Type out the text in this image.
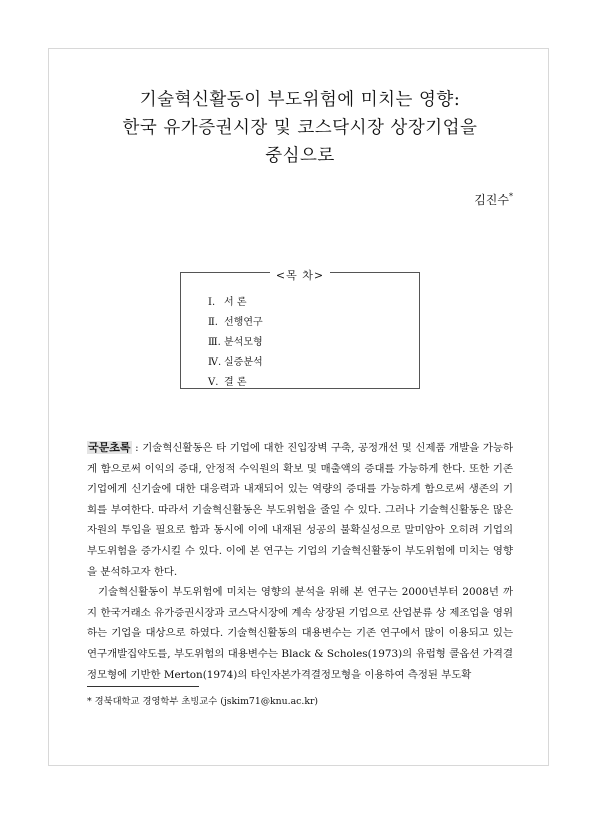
기술혁신활동이 부도위험에 미치는 영향:
한국 유가증권시장 및 코스닥시장 상장기업을
중심으로
김진수*
<목 차>
Ⅰ. 서 론
Ⅱ. 선행연구
Ⅲ. 분석모형
Ⅳ. 실증분석
Ⅴ. 결 론

국문초록 : 기술혁신활동은 타 기업에 대한 진입장벽 구축, 공정개선 및 신제품 개발을 가능하게 함으로써 이익의 증대, 안정적 수익원의 확보 및 매출액의 증대를 가능하게 한다. 또한 기존 기업에게 신기술에 대한 대응력과 내재되어 있는 역량의 증대를 가능하게 함으로써 생존의 기회를 부여한다. 따라서 기술혁신활동은 부도위험을 줄일 수 있다. 그러나 기술혁신활동은 많은 자원의 투입을 필요로 함과 동시에 이에 내재된 성공의 불확실성으로 말미암아 오히려 기업의 부도위험을 증가시킬 수 있다. 이에 본 연구는 기업의 기술혁신활동이 부도위험에 미치는 영향을 분석하고자 한다.

기술혁신활동이 부도위험에 미치는 영향의 분석을 위해 본 연구는 2000년부터 2008년 까지 한국거래소 유가증권시장과 코스닥시장에 계속 상장된 기업으로 산업분류 상 제조업을 영위하는 기업을 대상으로 하였다. 기술혁신활동의 대용변수는 기존 연구에서 많이 이용되고 있는 연구개발집약도를, 부도위험의 대용변수는 Black & Scholes(1973)의 유럽형 콜옵션 가격결정모형에 기반한 Merton(1974)의 타인자본가격결정모형을 이용하여 측정된 부도확

* 경북대학교 경영학부 초빙교수 (jskim71@knu.ac.kr)
